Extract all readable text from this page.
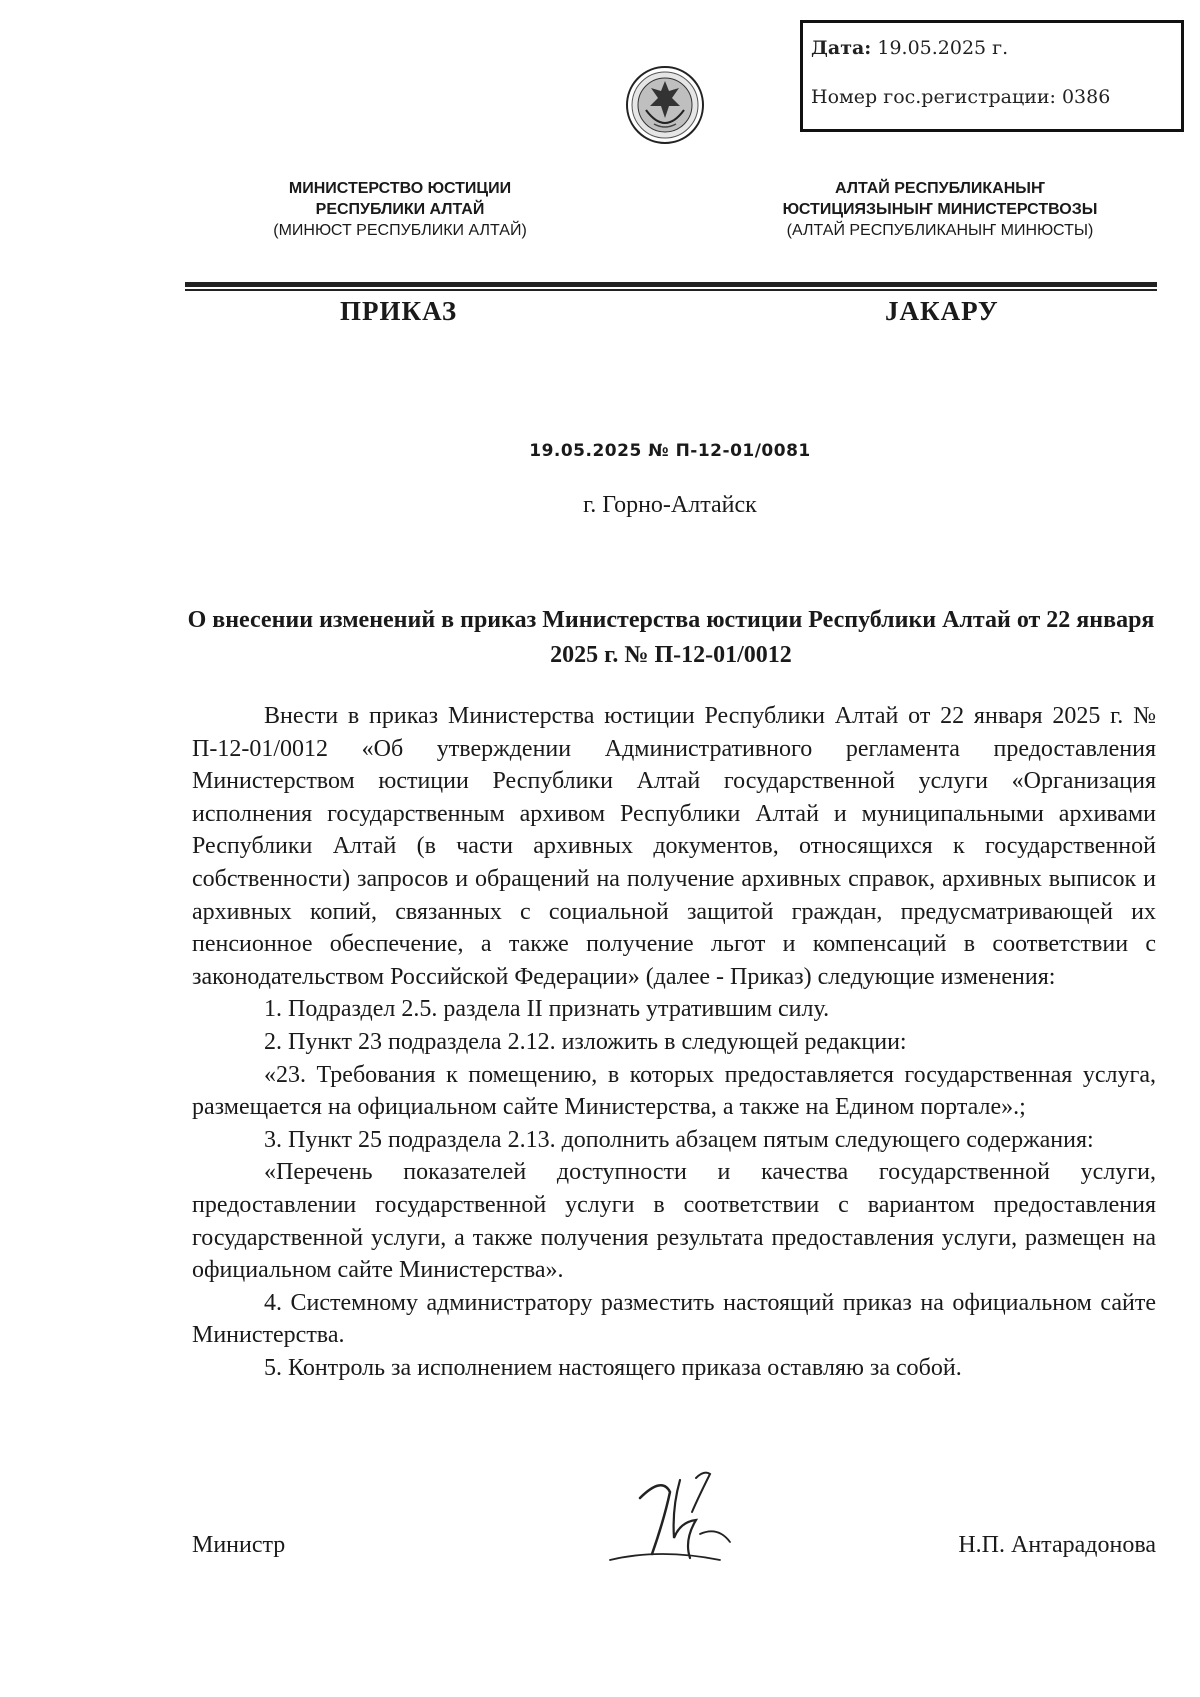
Дата: 19.05.2025 г.
Номер гос.регистрации: 0386
МИНИСТЕРСТВО ЮСТИЦИИ
РЕСПУБЛИКИ АЛТАЙ
(МИНЮСТ РЕСПУБЛИКИ АЛТАЙ)
АЛТАЙ РЕСПУБЛИКАНЫҤ
ЮСТИЦИЯЗЫНЫҤ МИНИСТЕРСТВОЗЫ
(АЛТАЙ РЕСПУБЛИКАНЫҤ МИНЮСТЫ)
ПРИКАЗ	ЈАКАРУ
19.05.2025 № П-12-01/0081
г. Горно-Алтайск
О внесении изменений в приказ Министерства юстиции Республики Алтай от 22 января 2025 г. № П-12-01/0012

Внести в приказ Министерства юстиции Республики Алтай от 22 января 2025 г. № П-12-01/0012 «Об утверждении Административного регламента предоставления Министерством юстиции Республики Алтай государственной услуги «Организация исполнения государственным архивом Республики Алтай и муниципальными архивами Республики Алтай (в части архивных документов, относящихся к государственной собственности) запросов и обращений на получение архивных справок, архивных выписок и архивных копий, связанных с социальной защитой граждан, предусматривающей их пенсионное обеспечение, а также получение льгот и компенсаций в соответствии с законодательством Российской Федерации» (далее - Приказ) следующие изменения:

1. Подраздел 2.5. раздела II признать утратившим силу.

2. Пункт 23 подраздела 2.12. изложить в следующей редакции:

«23. Требования к помещению, в которых предоставляется государственная услуга, размещается на официальном сайте Министерства, а также на Едином портале».;

3. Пункт 25 подраздела 2.13. дополнить абзацем пятым следующего содержания:

«Перечень показателей доступности и качества государственной услуги, предоставлении государственной услуги в соответствии с вариантом предоставления государственной услуги, а также получения результата предоставления услуги, размещен на официальном сайте Министерства».

4. Системному администратору разместить настоящий приказ на официальном сайте Министерства.

5. Контроль за исполнением настоящего приказа оставляю за собой.

Министр	Н.П. Антарадонова
